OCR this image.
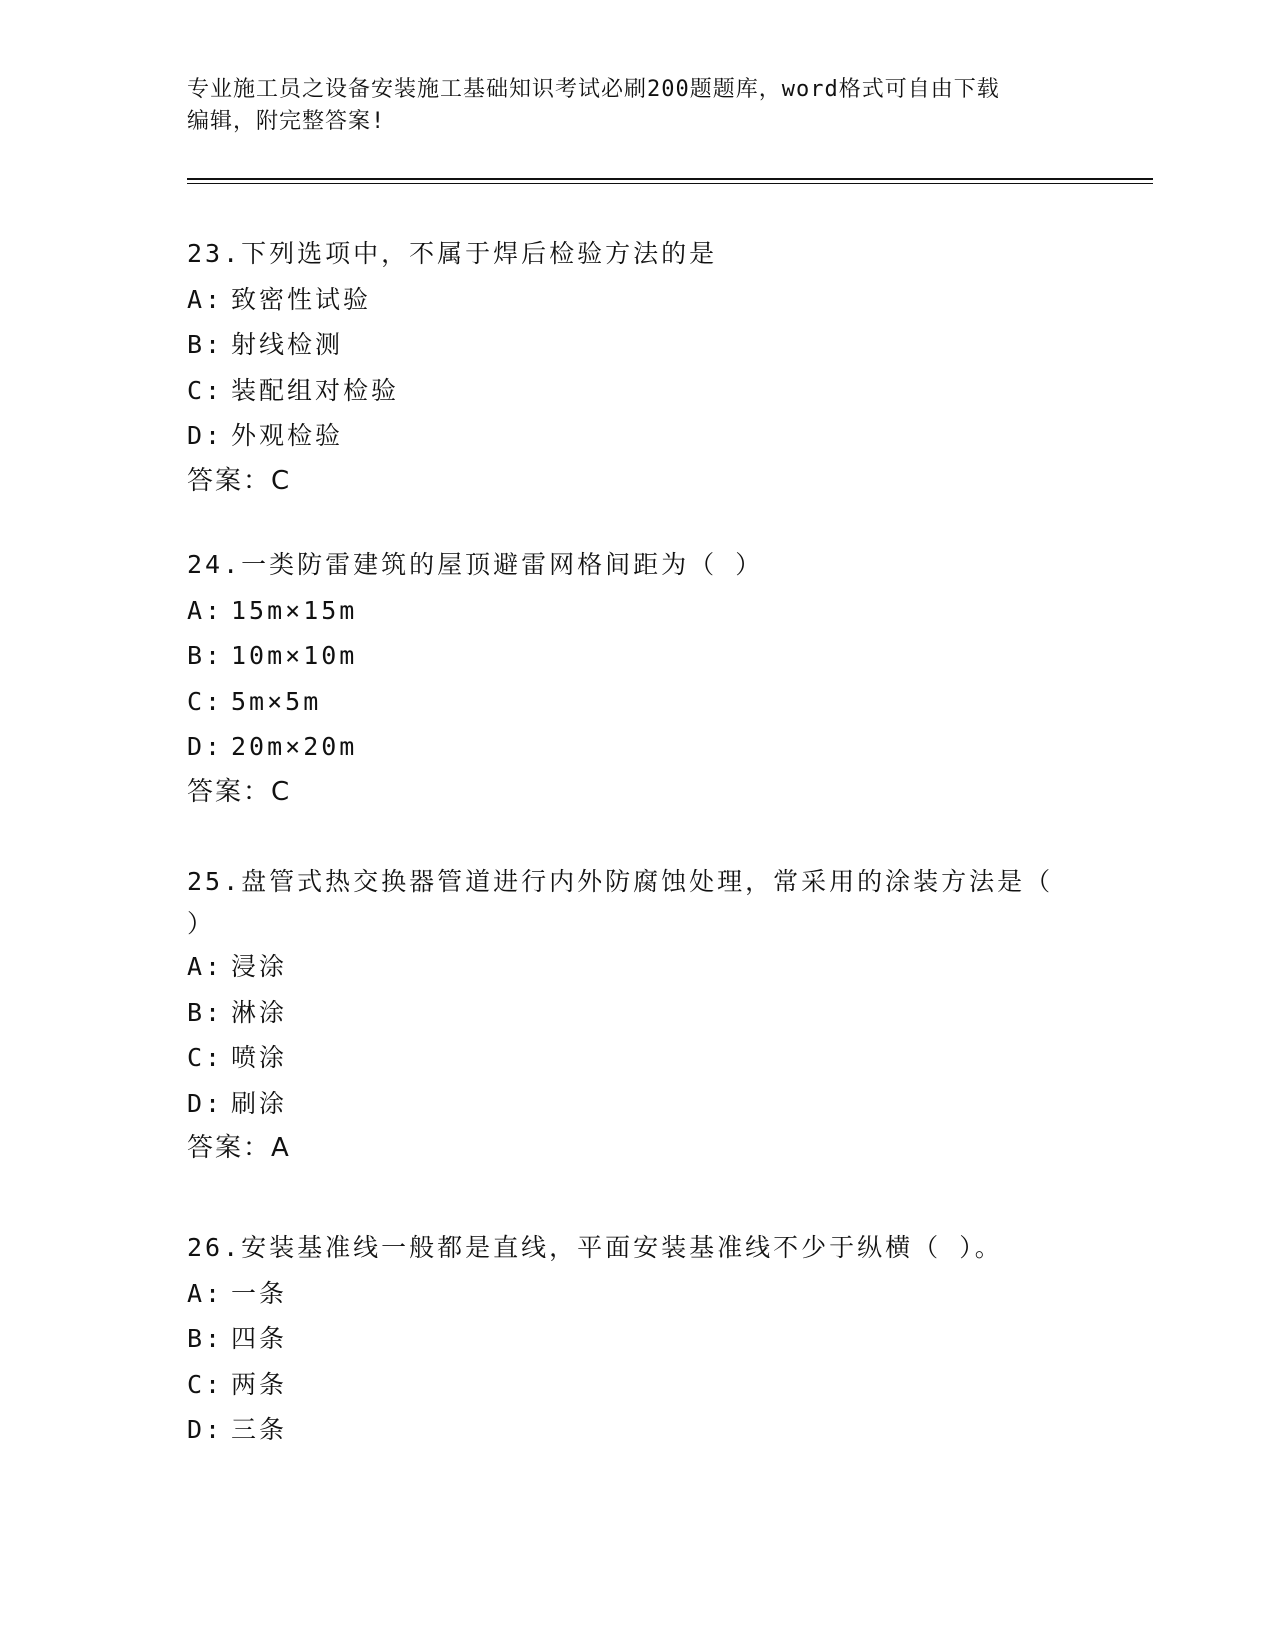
专业施工员之设备安装施工基础知识考试必刷200题题库，word格式可自由下载
编辑，附完整答案!
23.下列选项中，不属于焊后检验方法的是
A: 致密性试验
B: 射线检测
C: 装配组对检验
D: 外观检验
答案：C
24.一类防雷建筑的屋顶避雷网格间距为（ ）
A: 15m×15m
B: 10m×10m
C: 5m×5m
D: 20m×20m
答案：C
25.盘管式热交换器管道进行内外防腐蚀处理，常采用的涂装方法是（
）
A: 浸涂
B: 淋涂
C: 喷涂
D: 刷涂
答案：A
26.安装基准线一般都是直线，平面安装基准线不少于纵横（ ）。
A: 一条
B: 四条
C: 两条
D: 三条
